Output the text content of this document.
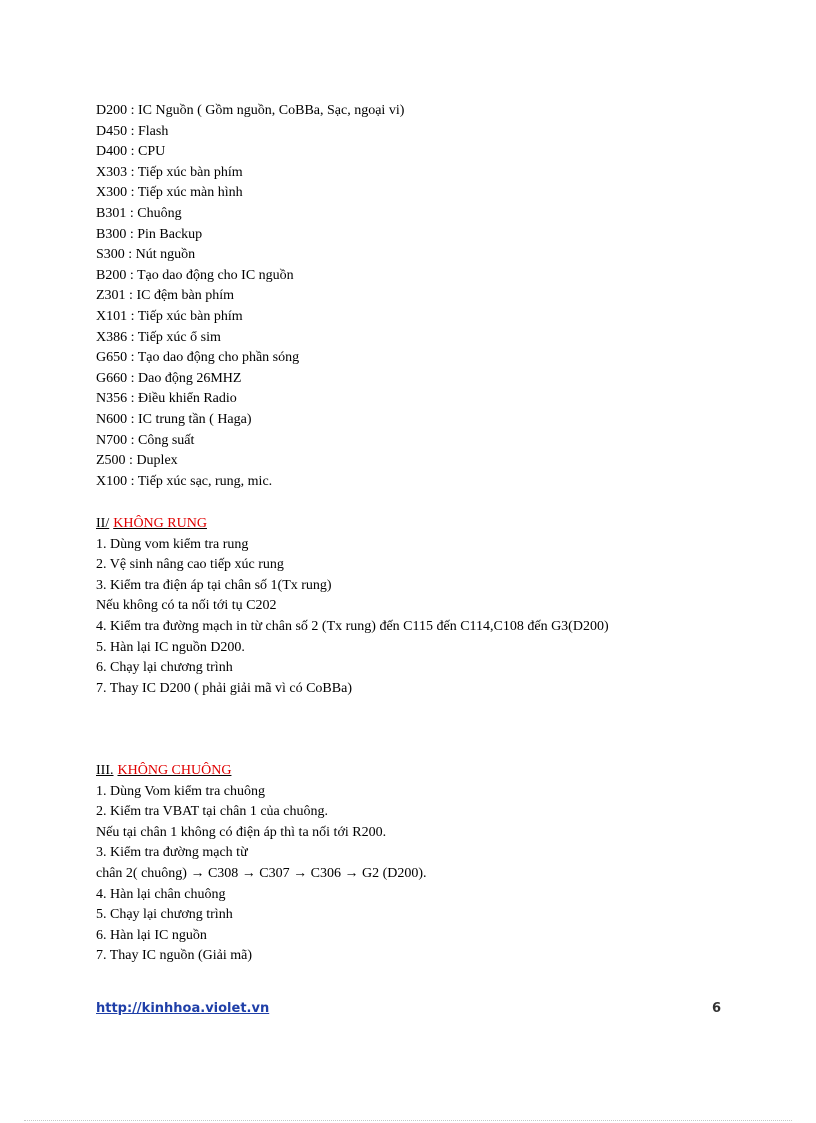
D200 : IC Nguồn ( Gồm nguồn, CoBBa, Sạc, ngoại vi)
D450 : Flash
D400 : CPU
X303 : Tiếp xúc bàn phím
X300 : Tiếp xúc màn hình
B301 : Chuông
B300 : Pin Backup
S300 : Nút nguồn
B200 : Tạo dao động cho IC nguồn
Z301 : IC đệm bàn phím
X101 : Tiếp xúc bàn phím
X386 : Tiếp xúc ổ sim
G650 : Tạo dao động cho phần sóng
G660 : Dao động 26MHZ
N356 : Điều khiển Radio
N600 : IC trung tần ( Haga)
N700 : Công suất
Z500 : Duplex
X100 : Tiếp xúc sạc, rung, mic.
II/ KHÔNG RUNG
1. Dùng vom kiểm tra rung
2. Vệ sinh nâng cao tiếp xúc rung
3. Kiểm tra điện áp tại chân số 1(Tx rung)
Nếu không có ta nối tới tụ C202
4. Kiểm tra đường mạch in từ chân số 2 (Tx rung) đến C115 đến C114,C108 đến G3(D200)
5. Hàn lại IC nguồn D200.
6. Chạy lại chương trình
7. Thay IC D200 ( phải giải mã vì có CoBBa)
III. KHÔNG CHUÔNG
1. Dùng Vom kiểm tra chuông
2. Kiểm tra VBAT tại chân 1 của chuông.
Nếu tại chân 1 không có điện áp thì ta nối tới R200.
3. Kiểm tra đường mạch từ
chân 2( chuông) → C308 → C307 → C306 → G2 (D200).
4. Hàn lại chân chuông
5. Chạy lại chương trình
6. Hàn lại IC nguồn
7. Thay IC nguồn (Giải mã)
http://kinhhoa.violet.vn	6
